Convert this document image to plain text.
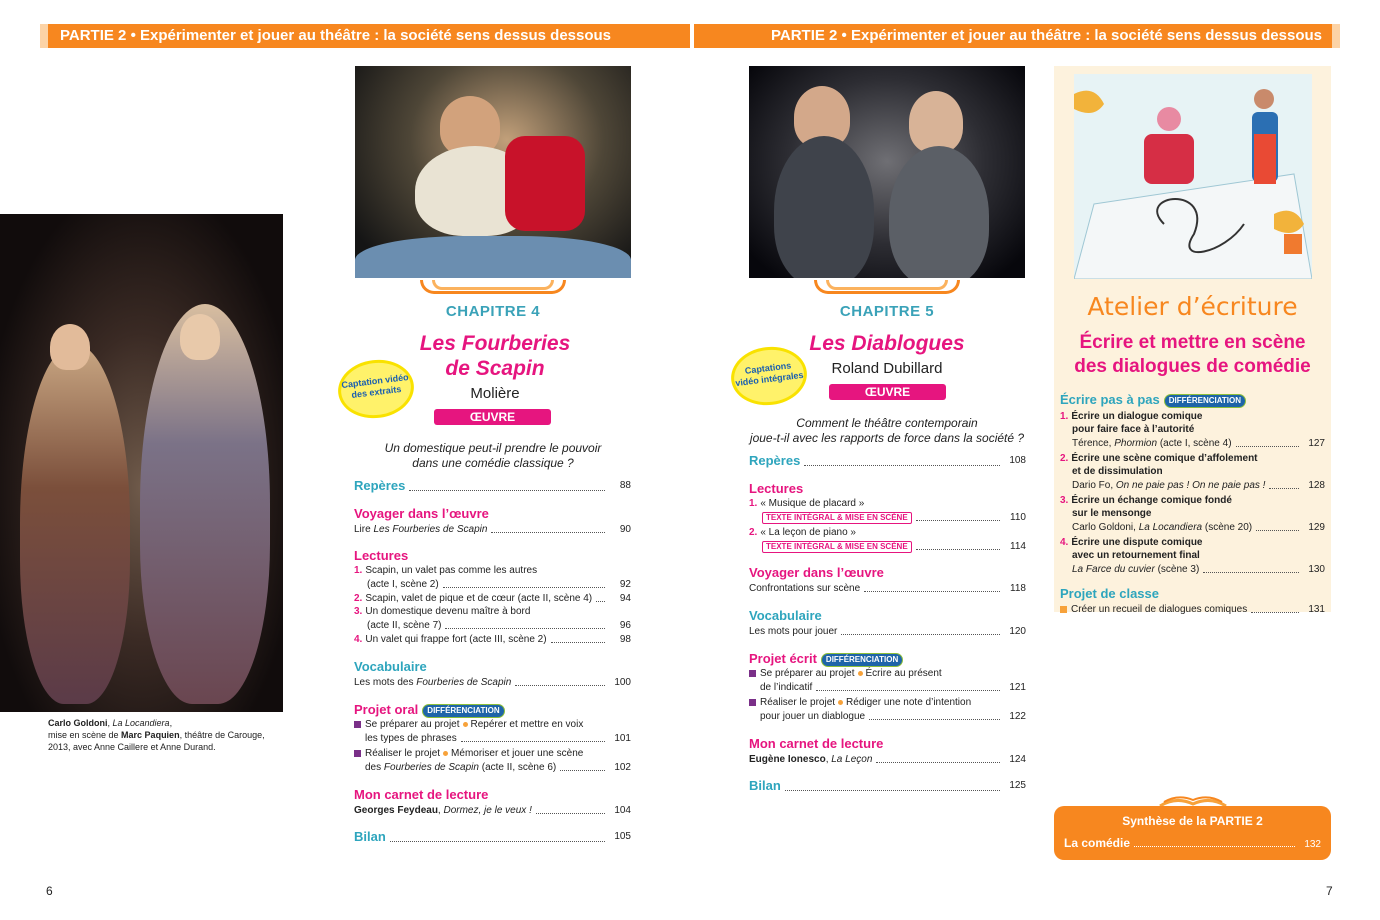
PARTIE 2 • Expérimenter et jouer au théâtre : la société sens dessus dessous	PARTIE 2 • Expérimenter et jouer au théâtre : la société sens dessus dessous
Carlo Goldoni, La Locandiera,
mise en scène de Marc Paquien, théâtre de Carouge,
2013, avec Anne Caillere et Anne Durand.
CHAPITRE 4
Les Fourberies
de Scapin
Captation vidéo des extraits	Molière
ŒUVRE INTÉGRALE
Un domestique peut-il prendre le pouvoir
dans une comédie classique ?
Repères	88
Voyager dans l’œuvre
Lire Les Fourberies de Scapin	90
Lectures
1. Scapin, un valet pas comme les autres
(acte I, scène 2)	92
2. Scapin, valet de pique et de cœur (acte II, scène 4)	94
3. Un domestique devenu maître à bord
(acte II, scène 7)	96
4. Un valet qui frappe fort (acte III, scène 2)	98
Vocabulaire
Les mots des Fourberies de Scapin	100
Projet oral DIFFÉRENCIATION
Se préparer au projet Repérer et mettre en voix
les types de phrases	101
Réaliser le projet Mémoriser et jouer une scène
des Fourberies de Scapin (acte II, scène 6)	102
Mon carnet de lecture
Georges Feydeau, Dormez, je le veux !	104
Bilan	105
CHAPITRE 5
Les Diablogues
Captations vidéo intégrales
Roland Dubillard
ŒUVRE INTÉGRALE
Comment le théâtre contemporain
joue-t-il avec les rapports de force dans la société ?
Repères	108
Lectures
1. « Musique de placard »
TEXTE INTÉGRAL & MISE EN SCÈNE	110
2. « La leçon de piano »
TEXTE INTÉGRAL & MISE EN SCÈNE	114
Voyager dans l’œuvre
Confrontations sur scène	118
Vocabulaire
Les mots pour jouer	120
Projet écrit DIFFÉRENCIATION
Se préparer au projet Écrire au présent
de l’indicatif	121
Réaliser le projet Rédiger une note d’intention
pour jouer un diablogue	122
Mon carnet de lecture
Eugène Ionesco, La Leçon	124
Bilan	125
Atelier d’écriture
Écrire et mettre en scène
des dialogues de comédie
Écrire pas à pas DIFFÉRENCIATION
1. Écrire un dialogue comique
pour faire face à l’autorité
Térence, Phormion (acte I, scène 4)	127
2. Écrire une scène comique d’affolement
et de dissimulation
Dario Fo, On ne paie pas ! On ne paie pas !	128
3. Écrire un échange comique fondé
sur le mensonge
Carlo Goldoni, La Locandiera (scène 20)	129
4. Écrire une dispute comique
avec un retournement final
La Farce du cuvier (scène 3)	130
Projet de classe
Créer un recueil de dialogues comiques	131
Synthèse de la PARTIE 2
La comédie	132
6	7
